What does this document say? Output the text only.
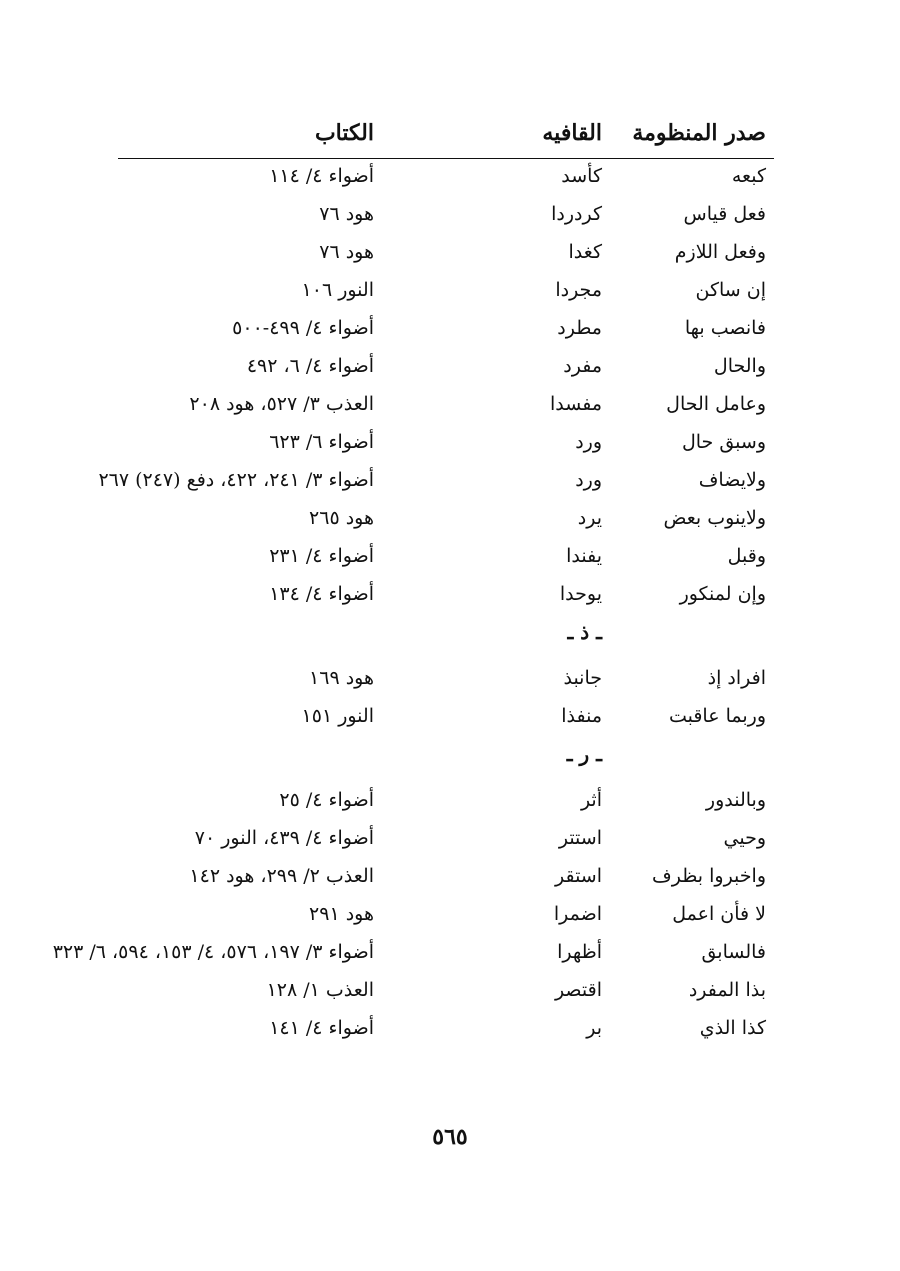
صدر المنظومة
القافيه
الكتاب
كبعه
كأسد
أضواء ٤/ ١١٤
فعل قياس
كردردا
هود ٧٦
وفعل اللازم
كغدا
هود ٧٦
إن ساكن
مجردا
النور ١٠٦
فانصب بها
مطرد
أضواء ٤/ ٤٩٩-٥٠٠
والحال
مفرد
أضواء ٤/ ٦، ٤٩٢
وعامل الحال
مفسدا
العذب ٣/ ٥٢٧، هود ٢٠٨
وسبق حال
ورد
أضواء ٦/ ٦٢٣
ولايضاف
ورد
أضواء ٣/ ٢٤١، ٤٢٢، دفع (٢٤٧) ٢٦٧
ولاينوب بعض
يرد
هود ٢٦٥
وقبل
يفندا
أضواء ٤/ ٢٣١
وإن لمنكور
يوحدا
أضواء ٤/ ١٣٤
ـ ذ ـ
افراد إذ
جانبذ
هود ١٦٩
وربما عاقبت
منفذا
النور ١٥١
ـ ر ـ
وبالندور
أثر
أضواء ٤/ ٢٥
وحيي
استتر
أضواء ٤/ ٤٣٩، النور ٧٠
واخبروا بظرف
استقر
العذب ٢/ ٢٩٩، هود ١٤٢
لا فأن اعمل
اضمرا
هود ٢٩١
فالسابق
أظهرا
أضواء ٣/ ١٩٧، ٥٧٦، ٤/ ١٥٣، ٥٩٤، ٦/ ٣٢٣
بذا المفرد
اقتصر
العذب ١/ ١٢٨
كذا الذي
بر
أضواء ٤/ ١٤١
٥٦٥
